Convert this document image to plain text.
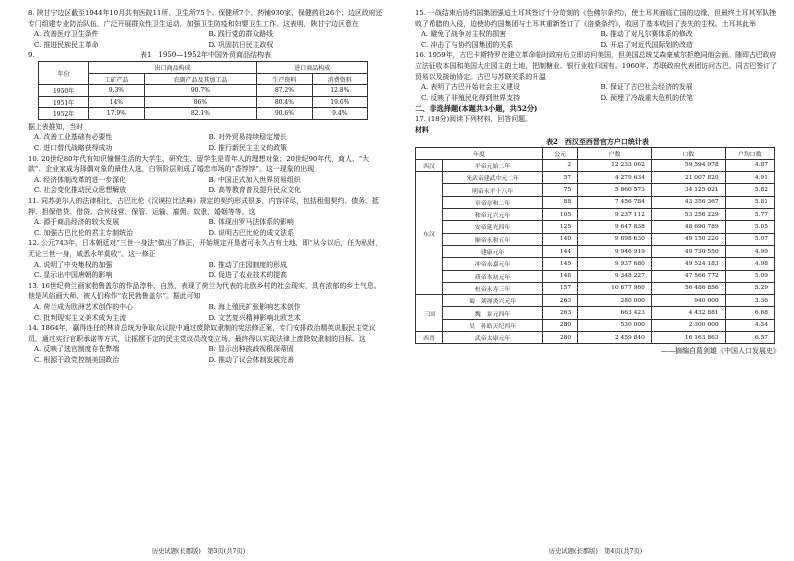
8. 陕甘宁边区截至1944年10月共有医院11所、卫生所75个、保健所7个、药铺930家、保健药社26个；边区政府还专门组建专业防治队伍，广泛开展群众性卫生运动，加强卫生防疫和妇婴卫生工作。这表明，陕甘宁边区意在

A. 改善医疗卫生条件	B. 践行党的群众路线
C. 推进民族民主革命	D. 巩固抗日民主政权
9.	表1　1950—1952年中国外贸商品结构表
年份	出口商品构成		进口商品构成	
	工矿产品	农副产品及其加工品	生产资料	消费资料
1950年	9.3%	90.7%	87.2%	12.8%
1951年	14%	86%	80.4%	19.6%
1952年	17.9%	82.1%	90.6%	9.4%

据上表推知，当时

A. 改善工业基础有必要性	B. 对外贸易持续稳定增长
C. 进口替代战略获得成功	D. 推行新民主主义的政策

10. 20世纪80年代有知识憧憬生活的大学生、研究生、留学生是青年人的理想对象；20世纪90年代，商人、“大款”、企业家成为择偶对象的最佳人选，白领阶层则成了婚恋市场的“香饽饽”。这一现象的出现

A. 经济体制改革的进一步深化	B. 中国正式加入世界贸易组织
C. 社会变化推动民众思想解放	D. 高等教育普及提升民众文化

11. 同苏美尔人的法律相比，古巴比伦《汉谟拉比法典》规定的契约形式很多，内容详尽，包括租佃契约、债务、抵押、担保借贷、借贷、合伙经营、保管、运输、雇佣、奴隶、婚姻等等。这

A. 源于商品经济的较大发展	B. 体现出罗马法体系的影响
C. 加强古巴比伦的君主专制统治	D. 说明古巴比伦的成文法系

12. 公元743年，日本朝廷对“三世一身法”做出了修正，开始规定开垦者可永久占有土地，即“从今以后，任为私财，无论三世一身，咸悉永年莫收”。这一修正

A. 说明了中央集权的加强	B. 推动了庄园制度的形成
C. 显示出中国唐朝的影响	D. 促进了农业技术的提高

13. 16世纪荷兰画家勃鲁盖尔的作品淳朴、自然，表现了荷兰为代表的北欧乡村的社会现实，具有浓郁的乡土气息。他是风俗画大师，被人们称作“农民勃鲁盖尔”。据此可知

A. 荷兰成为欧洲艺术创作的中心	B. 海上殖民扩张影响艺术创作
C. 批判现实主义美术成为主流	D. 文艺复兴精神影响北欧艺术

14. 1864年，赢得连任的林肯总统为争取众议院中通过废除奴隶制的宪法修正案，专门安排政治精英说服民主党议员，通过实行官职承诺等方式，让摇摆不定的民主党议员改变立场，最终得以实现法律上废除奴隶制的目标。这

A. 反映了选官制度存在弊端	B. 显示出种族歧视根深蒂固
C. 根源于政党控制美国政治	D. 推动了议会体制发展完善
历史试题(长郡版)　第3页(共7页)

15. 一战结束后协约国集团强迫土耳其签订十分苛刻的《色佛尔条约》，使土耳其面临亡国的边缘，但最终土耳其军队挫败了希腊的入侵，迫使协约国集团与土耳其重新签订了《洛桑条约》，收回了基本收回了丧失的主权。土耳其此举

A. 避免了战争对主权的损害	B. 推动了对凡尔赛体系的修改
C. 冲击了与协约国集团的关系	D. 开启了对近代国际划的改造

16. 1959年，古巴卡斯特罗在建立革命临时政府后立即访问美国，但美国总统艾森豪威尔拒绝同他会面。随即古巴政府立法征收本国和美国大庄园主的土地，把制糖业、银行业收归国有。1960年，苏联政府代表团访问古巴，同古巴签订了贸易以及援助协定。古巴与苏联关系的升温

A. 表明了古巴开始社会主义建设	B. 保证了古巴社会经济的发展
C. 反映了非殖民化得到世界支持	D. 预埋了冷战重大危机的伏笔

二、非选择题(本题共3小题，共52分)

17. (18分)阅读下列材料，回答问题。

材料

表2　西汉至西晋官方户口统计表
年度		公元	户数	口数	户均口数
西汉	平帝元始二年	2	12 233 062	59 594 978	4.87
东汉	光武帝建武中元二年	57	4 279 634	21 007 820	4.91
	明帝永平十八年	75	5 860 573	34 125 021	5.82
	章帝章和二年	88	7 456 784	43 356 367	5.81
	和帝元兴元年	105	9 237 112	53 256 229	5.77
	安帝延光四年	125	9 647 838	48 690 789	5.05
	顺帝永和五年	140	9 698 630	49 150 220	5.07
	建康元年	144	9 946 919	49 730 550	4.99
	冲帝永嘉元年	145	9 937 680	49 524 183	4.98
	质帝本初元年	146	9 348 227	47 566 772	5.09
	桓帝永寿三年	157	10 677 960	56 486 856	5.29
三国	蜀　刘禅炎兴元年	263	280 000	940 000	3.36
	魏　景元四年	263	663 423	4 432 881	6.68
	吴　孙皓天纪四年	280	530 000	2 300 000	4.34
西晋	武帝太康元年	280	2 459 840	16 163 863	6.57
——摘编自葛剑雄《中国人口发展史》
历史试题(长郡版)　第4页(共7页)
